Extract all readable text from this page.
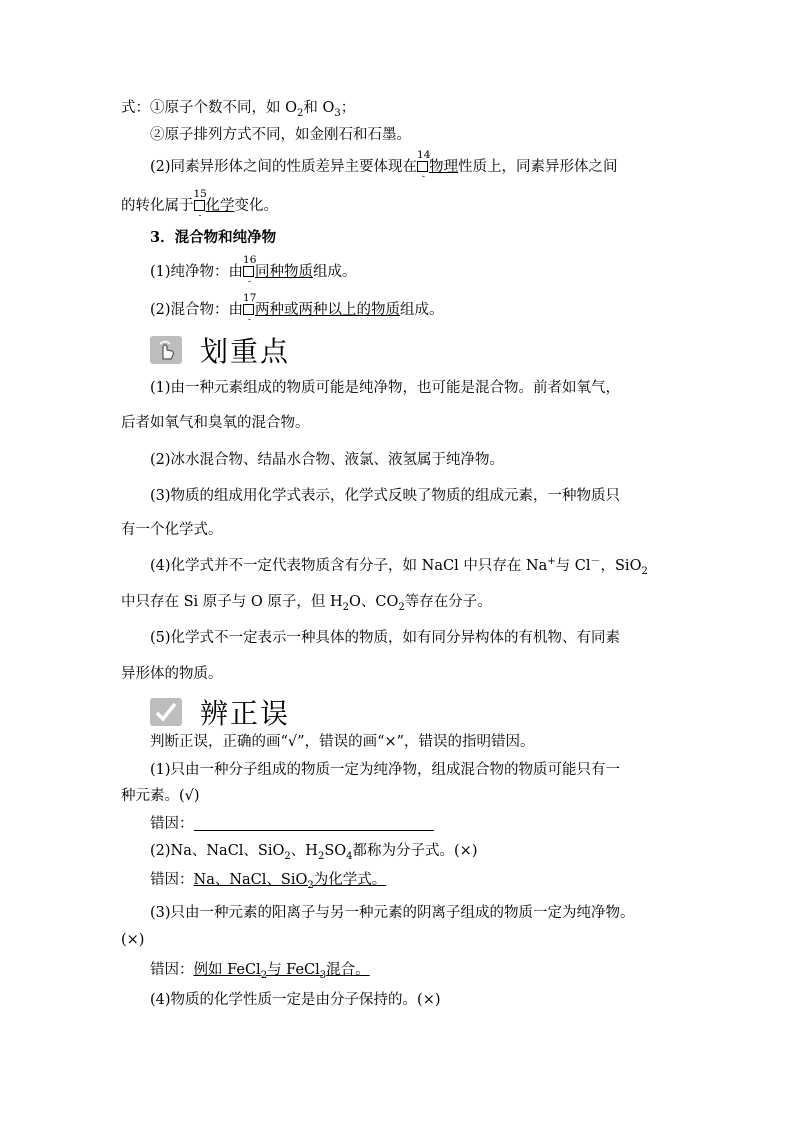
式：①原子个数不同，如 $O_2$和 $O_3$；
②原子排列方式不同，如金刚石和石墨。
(2)同素异形体之间的性质差异主要体现在
14
-
物理性质上，同素异形体之间
的转化属于
15
-
化学变化。
3．混合物和纯净物
(1)纯净物：由
16
-
同种物质组成。
(2)混合物：由
17
-
两种或两种以上的物质组成。
划重点
(1)由一种元素组成的物质可能是纯净物，也可能是混合物。前者如氧气，
后者如氧气和臭氧的混合物。
(2)冰水混合物、结晶水合物、液氯、液氢属于纯净物。
(3)物质的组成用化学式表示，化学式反映了物质的组成元素，一种物质只
有一个化学式。
(4)化学式并不一定代表物质含有分子，如 NaCl 中只存在 Na+与 Cl－，SiO$_2$
中只存在 Si 原子与 O 原子，但 $H_2O$、$CO_2$等存在分子。
(5)化学式不一定表示一种具体的物质，如有同分异构体的有机物、有同素
异形体的物质。
辨正误
判断正误，正确的画“√”，错误的画“×”，错误的指明错因。
(1)只由一种分子组成的物质一定为纯净物，组成混合物的物质可能只有一
种元素。(√)
错因：
(2)Na、NaCl、SiO$_2$、$H_2SO_4$都称为分子式。(×)
错因：Na、NaCl、SiO$_2$为化学式。
(3)只由一种元素的阳离子与另一种元素的阴离子组成的物质一定为纯净物。
(×)
错因：例如 FeCl$_2$与 FeCl$_3$混合。
(4)物质的化学性质一定是由分子保持的。(×)
